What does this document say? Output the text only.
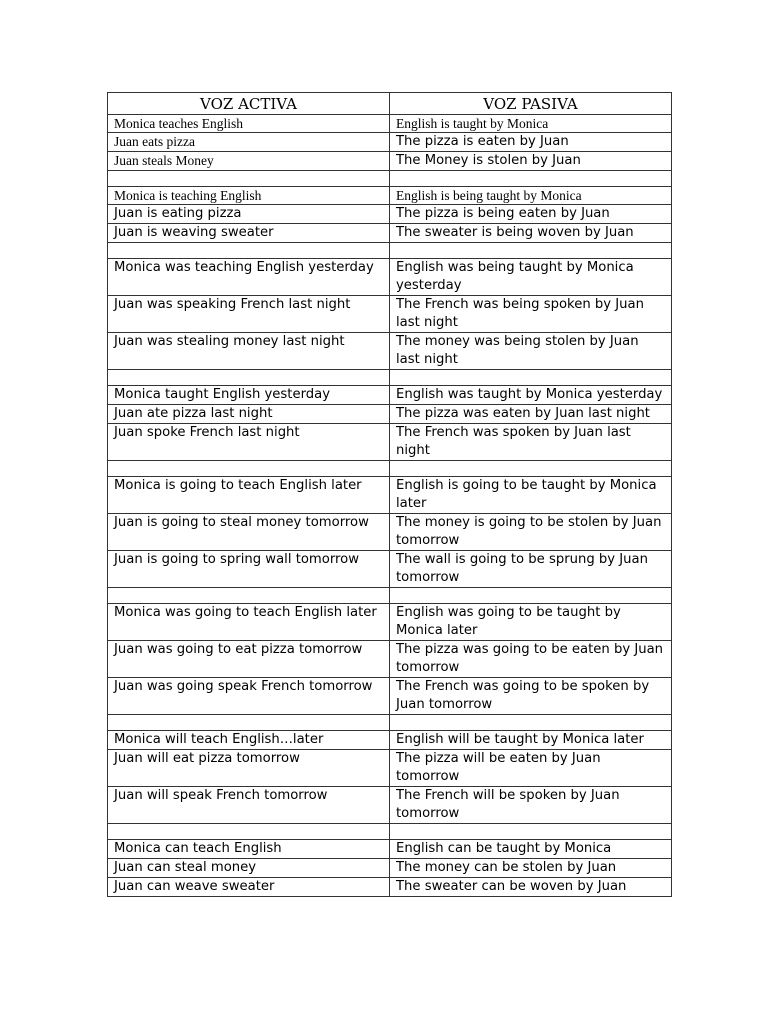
VOZ ACTIVA	VOZ PASIVA
Monica teaches English	English is taught by Monica
Juan eats pizza	The pizza is eaten by Juan
Juan steals Money	The Money is stolen by Juan

Monica is teaching English	English is being taught by Monica
Juan is eating pizza	The pizza is being eaten by Juan
Juan is weaving sweater	The sweater is being woven by Juan

Monica was teaching English yesterday	English was being taught by Monica yesterday
Juan was speaking French last night	The French was being spoken by Juan last night
Juan was stealing money last night	The money was being stolen by Juan last night

Monica taught English yesterday	English was taught by Monica yesterday
Juan ate pizza last night	The pizza was eaten by Juan last night
Juan spoke French last night	The French was spoken by Juan last night

Monica is going to teach English later	English is going to be taught by Monica later
Juan is going to steal money tomorrow	The money is going to be stolen by Juan tomorrow
Juan is going to spring wall tomorrow	The wall is going to be sprung by Juan tomorrow

Monica was going to teach English later	English was going to be taught by Monica later
Juan was going to eat pizza tomorrow	The pizza was going to be eaten by Juan tomorrow
Juan was going speak French tomorrow	The French was going to be spoken by Juan tomorrow

Monica will teach English…later	English will be taught by Monica later
Juan will eat pizza tomorrow	The pizza will be eaten by Juan tomorrow
Juan will speak French tomorrow	The French will be spoken by Juan tomorrow

Monica can teach English	English can be taught by Monica
Juan can steal money	The money can be stolen by Juan
Juan can weave sweater	The sweater can be woven by Juan
